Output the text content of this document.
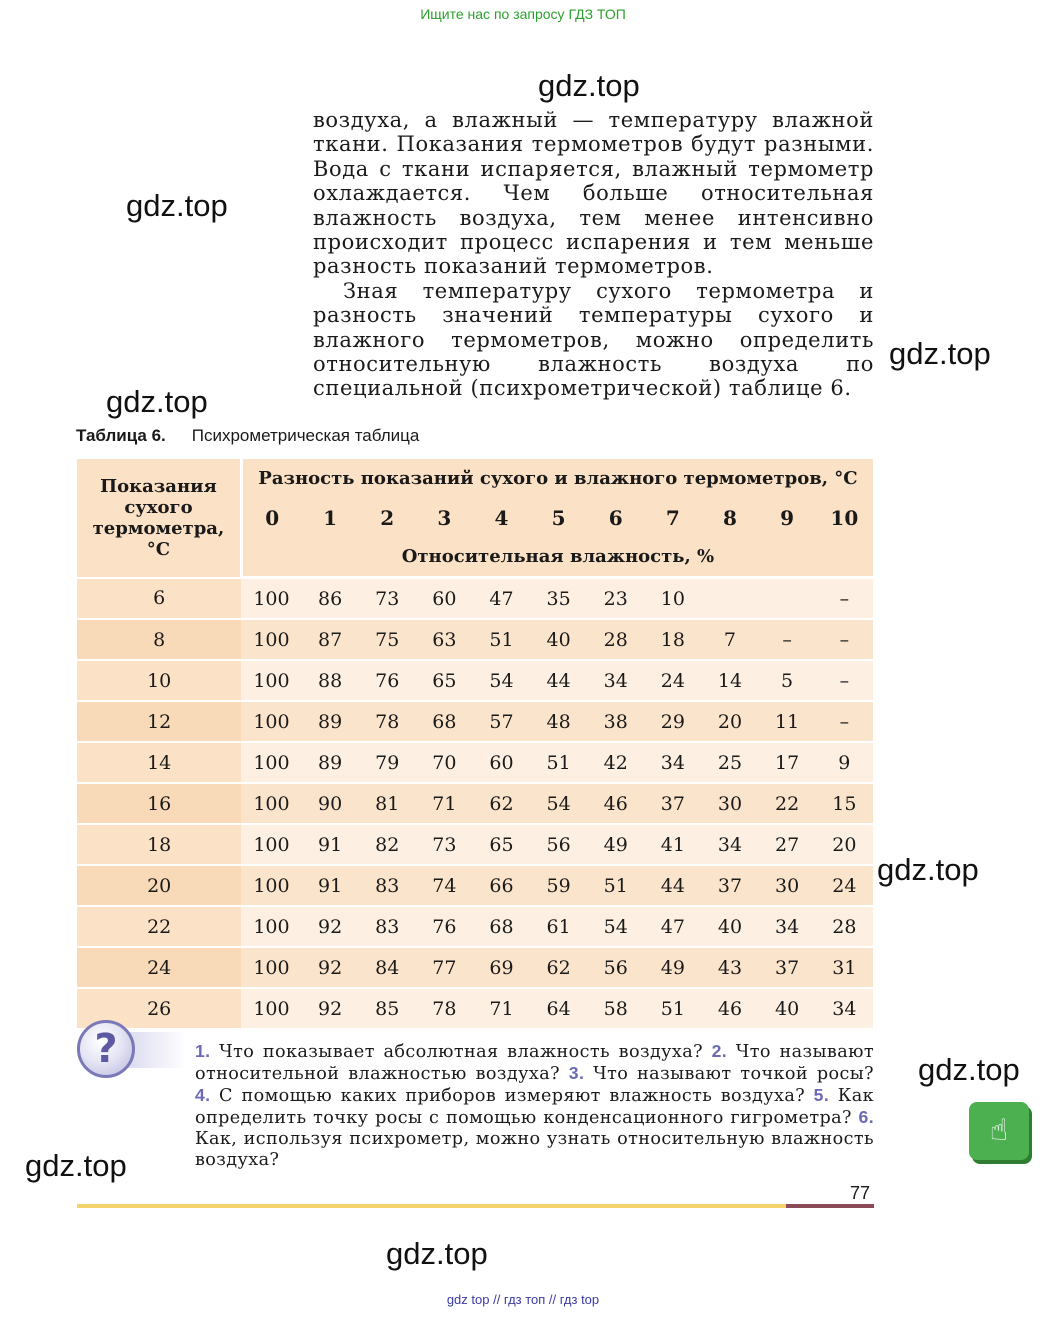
Ищите нас по запросу ГДЗ ТОП
gdz.top
gdz.top
gdz.top
gdz.top
gdz.top
gdz.top
gdz.top
gdz.top

воздуха, а влажный — температуру влажной ткани. Показания термометров будут разными. Вода с ткани испаряется, влажный термометр охлаждается. Чем больше относительная влажность воздуха, тем менее интенсивно происходит процесс испарения и тем меньше разность показаний термометров.

Зная температуру сухого термометра и разность значений температуры сухого и влажного термометров, можно определить относительную влажность воздуха по специальной (психрометрической) таблице 6.

Таблица 6. Психрометрическая таблица
Показания сухого термометра, °С	Разность показаний сухого и влажного термометров, °С										
	0	1	2	3	4	5	6	7	8	9	10
	Относительная влажность, %										
6	100	86	73	60	47	35	23	10			–
8	100	87	75	63	51	40	28	18	7	–	–
10	100	88	76	65	54	44	34	24	14	5	–
12	100	89	78	68	57	48	38	29	20	11	–
14	100	89	79	70	60	51	42	34	25	17	9
16	100	90	81	71	62	54	46	37	30	22	15
18	100	91	82	73	65	56	49	41	34	27	20
20	100	91	83	74	66	59	51	44	37	30	24
22	100	92	83	76	68	61	54	47	40	34	28
24	100	92	84	77	69	62	56	49	43	37	31
26	100	92	85	78	71	64	58	51	46	40	34
?	1. Что показывает абсолютная влажность воздуха? 2. Что называют относительной влажностью воздуха? 3. Что называют точкой росы? 4. С помощью каких приборов измеряют влажность воздуха? 5. Как определить точку росы с помощью конденсационного гигрометра? 6. Как, используя психрометр, можно узнать относительную влажность воздуха?
☝
77
gdz top // гдз топ // гдз top
